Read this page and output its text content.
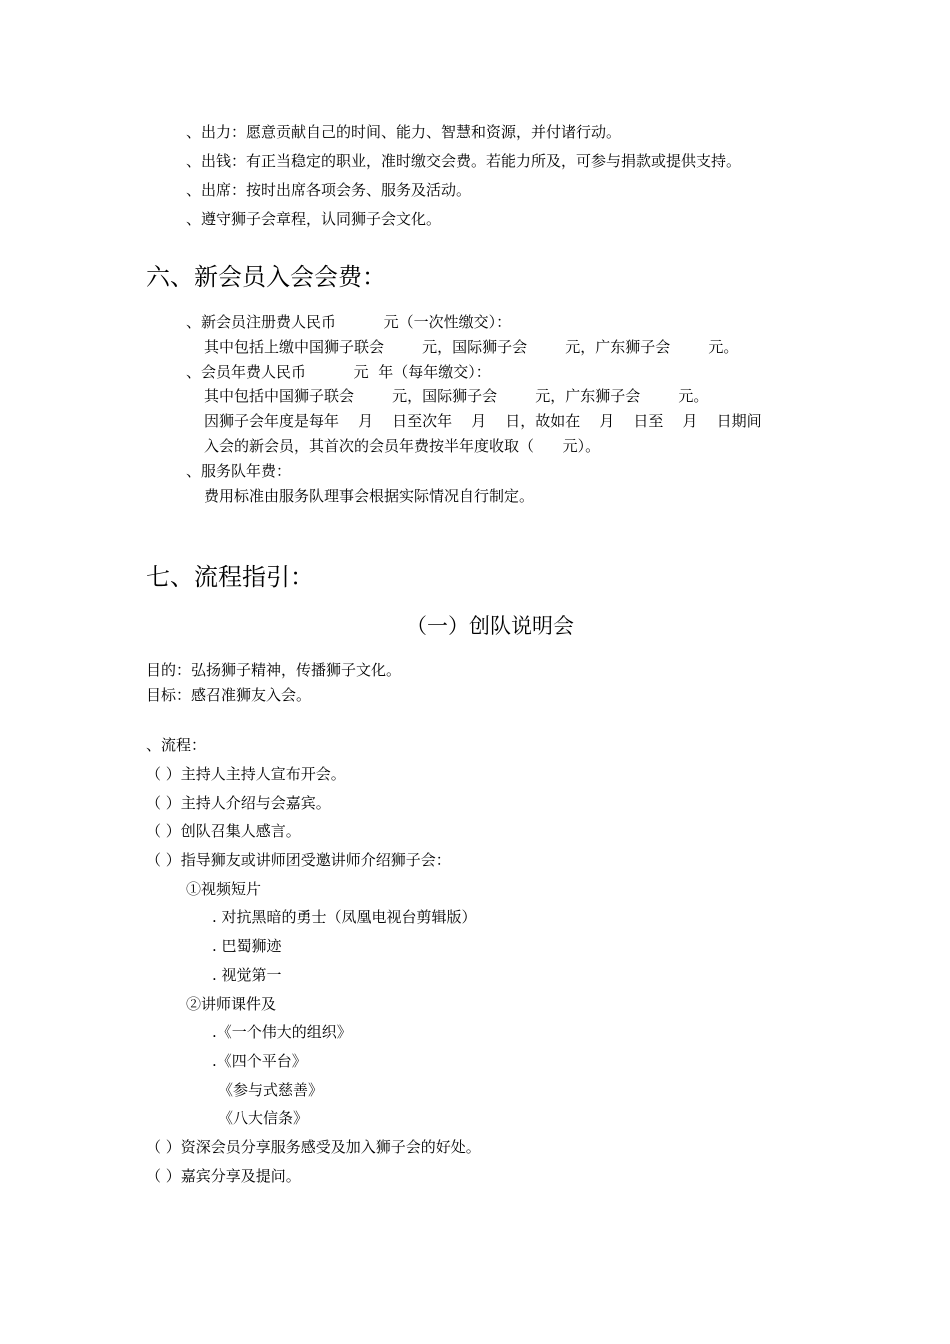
、出力：愿意贡献自己的时间、能力、智慧和资源，并付诸行动。
、出钱：有正当稳定的职业，准时缴交会费。若能力所及，可参与捐款或提供支持。
、出席：按时出席各项会务、服务及活动。
、遵守狮子会章程，认同狮子会文化。
六、新会员入会会费：
、新会员注册费人民币          元（一次性缴交）：
其中包括上缴中国狮子联会        元，国际狮子会        元，广东狮子会        元。
、会员年费人民币          元  年（每年缴交）：
其中包括中国狮子联会        元，国际狮子会        元，广东狮子会        元。
因狮子会年度是每年    月    日至次年    月    日，故如在    月    日至    月    日期间
入会的新会员，其首次的会员年费按半年度收取（      元）。
、服务队年费：
费用标准由服务队理事会根据实际情况自行制定。
七、流程指引：
（一）创队说明会
目的：弘扬狮子精神，传播狮子文化。
目标：感召准狮友入会。
、流程：
（ ）主持人主持人宣布开会。
（ ）主持人介绍与会嘉宾。
（ ）创队召集人感言。
（ ）指导狮友或讲师团受邀讲师介绍狮子会：
①视频短片
. 对抗黑暗的勇士（凤凰电视台剪辑版）
. 巴蜀狮迹
. 视觉第一
②讲师课件及
.《一个伟大的组织》
.《四个平台》
《参与式慈善》
《八大信条》
（ ）资深会员分享服务感受及加入狮子会的好处。
（ ）嘉宾分享及提问。
